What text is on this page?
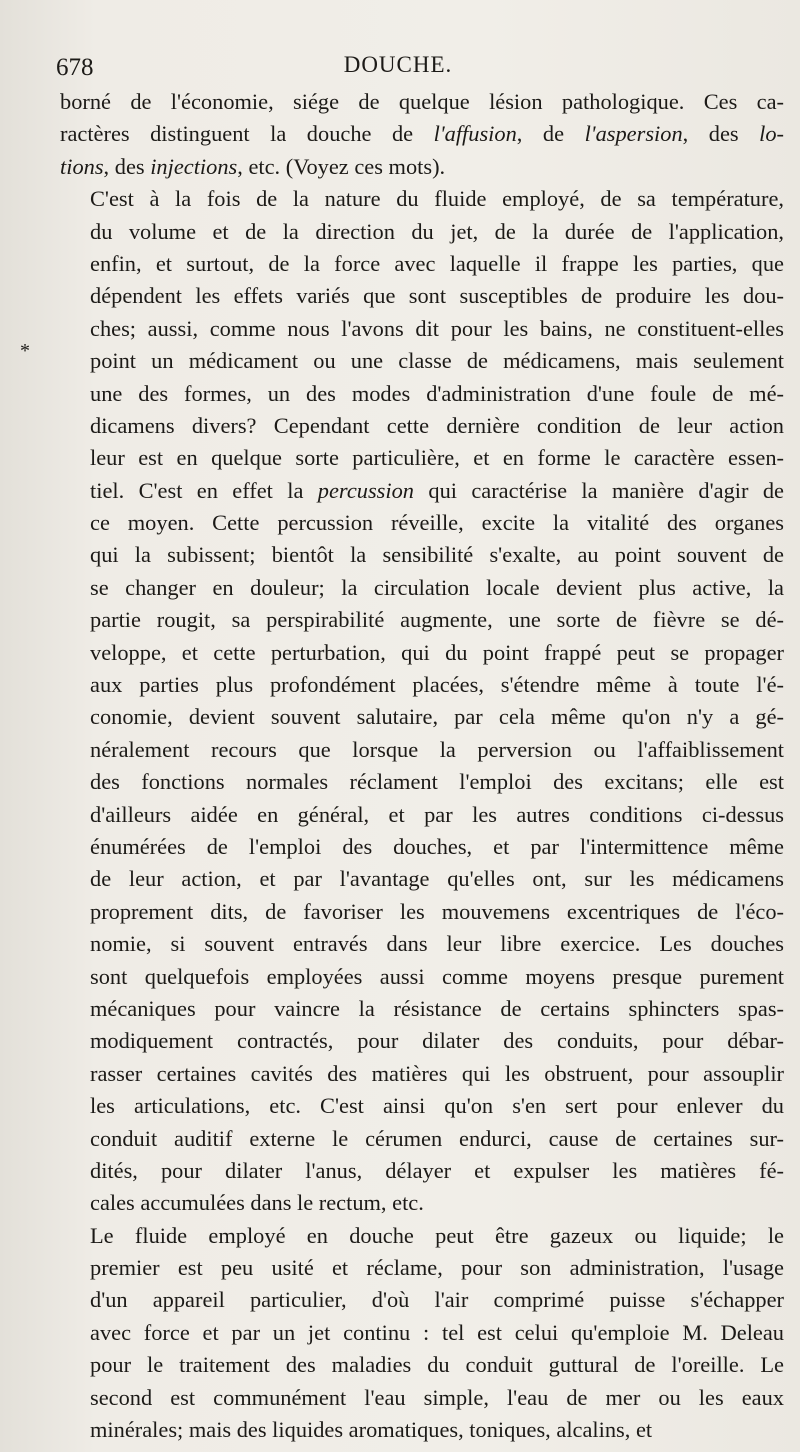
678	DOUCHE.
*

borné de l'économie, siége de quelque lésion pathologique. Ces ca-
ractères distinguent la douche de l'affusion, de l'aspersion, des lo-
tions, des injections, etc. (Voyez ces mots).

C'est à la fois de la nature du fluide employé, de sa température,
du volume et de la direction du jet, de la durée de l'application,
enfin, et surtout, de la force avec laquelle il frappe les parties, que
dépendent les effets variés que sont susceptibles de produire les dou-
ches; aussi, comme nous l'avons dit pour les bains, ne constituent-elles
point un médicament ou une classe de médicamens, mais seulement
une des formes, un des modes d'administration d'une foule de mé-
dicamens divers? Cependant cette dernière condition de leur action
leur est en quelque sorte particulière, et en forme le caractère essen-
tiel. C'est en effet la percussion qui caractérise la manière d'agir de
ce moyen. Cette percussion réveille, excite la vitalité des organes
qui la subissent; bientôt la sensibilité s'exalte, au point souvent de
se changer en douleur; la circulation locale devient plus active, la
partie rougit, sa perspirabilité augmente, une sorte de fièvre se dé-
veloppe, et cette perturbation, qui du point frappé peut se propager
aux parties plus profondément placées, s'étendre même à toute l'é-
conomie, devient souvent salutaire, par cela même qu'on n'y a gé-
néralement recours que lorsque la perversion ou l'affaiblissement
des fonctions normales réclament l'emploi des excitans; elle est
d'ailleurs aidée en général, et par les autres conditions ci-dessus
énumérées de l'emploi des douches, et par l'intermittence même
de leur action, et par l'avantage qu'elles ont, sur les médicamens
proprement dits, de favoriser les mouvemens excentriques de l'éco-
nomie, si souvent entravés dans leur libre exercice. Les douches
sont quelquefois employées aussi comme moyens presque purement
mécaniques pour vaincre la résistance de certains sphincters spas-
modiquement contractés, pour dilater des conduits, pour débar-
rasser certaines cavités des matières qui les obstruent, pour assouplir
les articulations, etc. C'est ainsi qu'on s'en sert pour enlever du
conduit auditif externe le cérumen endurci, cause de certaines sur-
dités, pour dilater l'anus, délayer et expulser les matières fé-
cales accumulées dans le rectum, etc.

Le fluide employé en douche peut être gazeux ou liquide; le
premier est peu usité et réclame, pour son administration, l'usage
d'un appareil particulier, d'où l'air comprimé puisse s'échapper
avec force et par un jet continu : tel est celui qu'emploie M. Deleau
pour le traitement des maladies du conduit guttural de l'oreille. Le
second est communément l'eau simple, l'eau de mer ou les eaux
minérales; mais des liquides aromatiques, toniques, alcalins, et
